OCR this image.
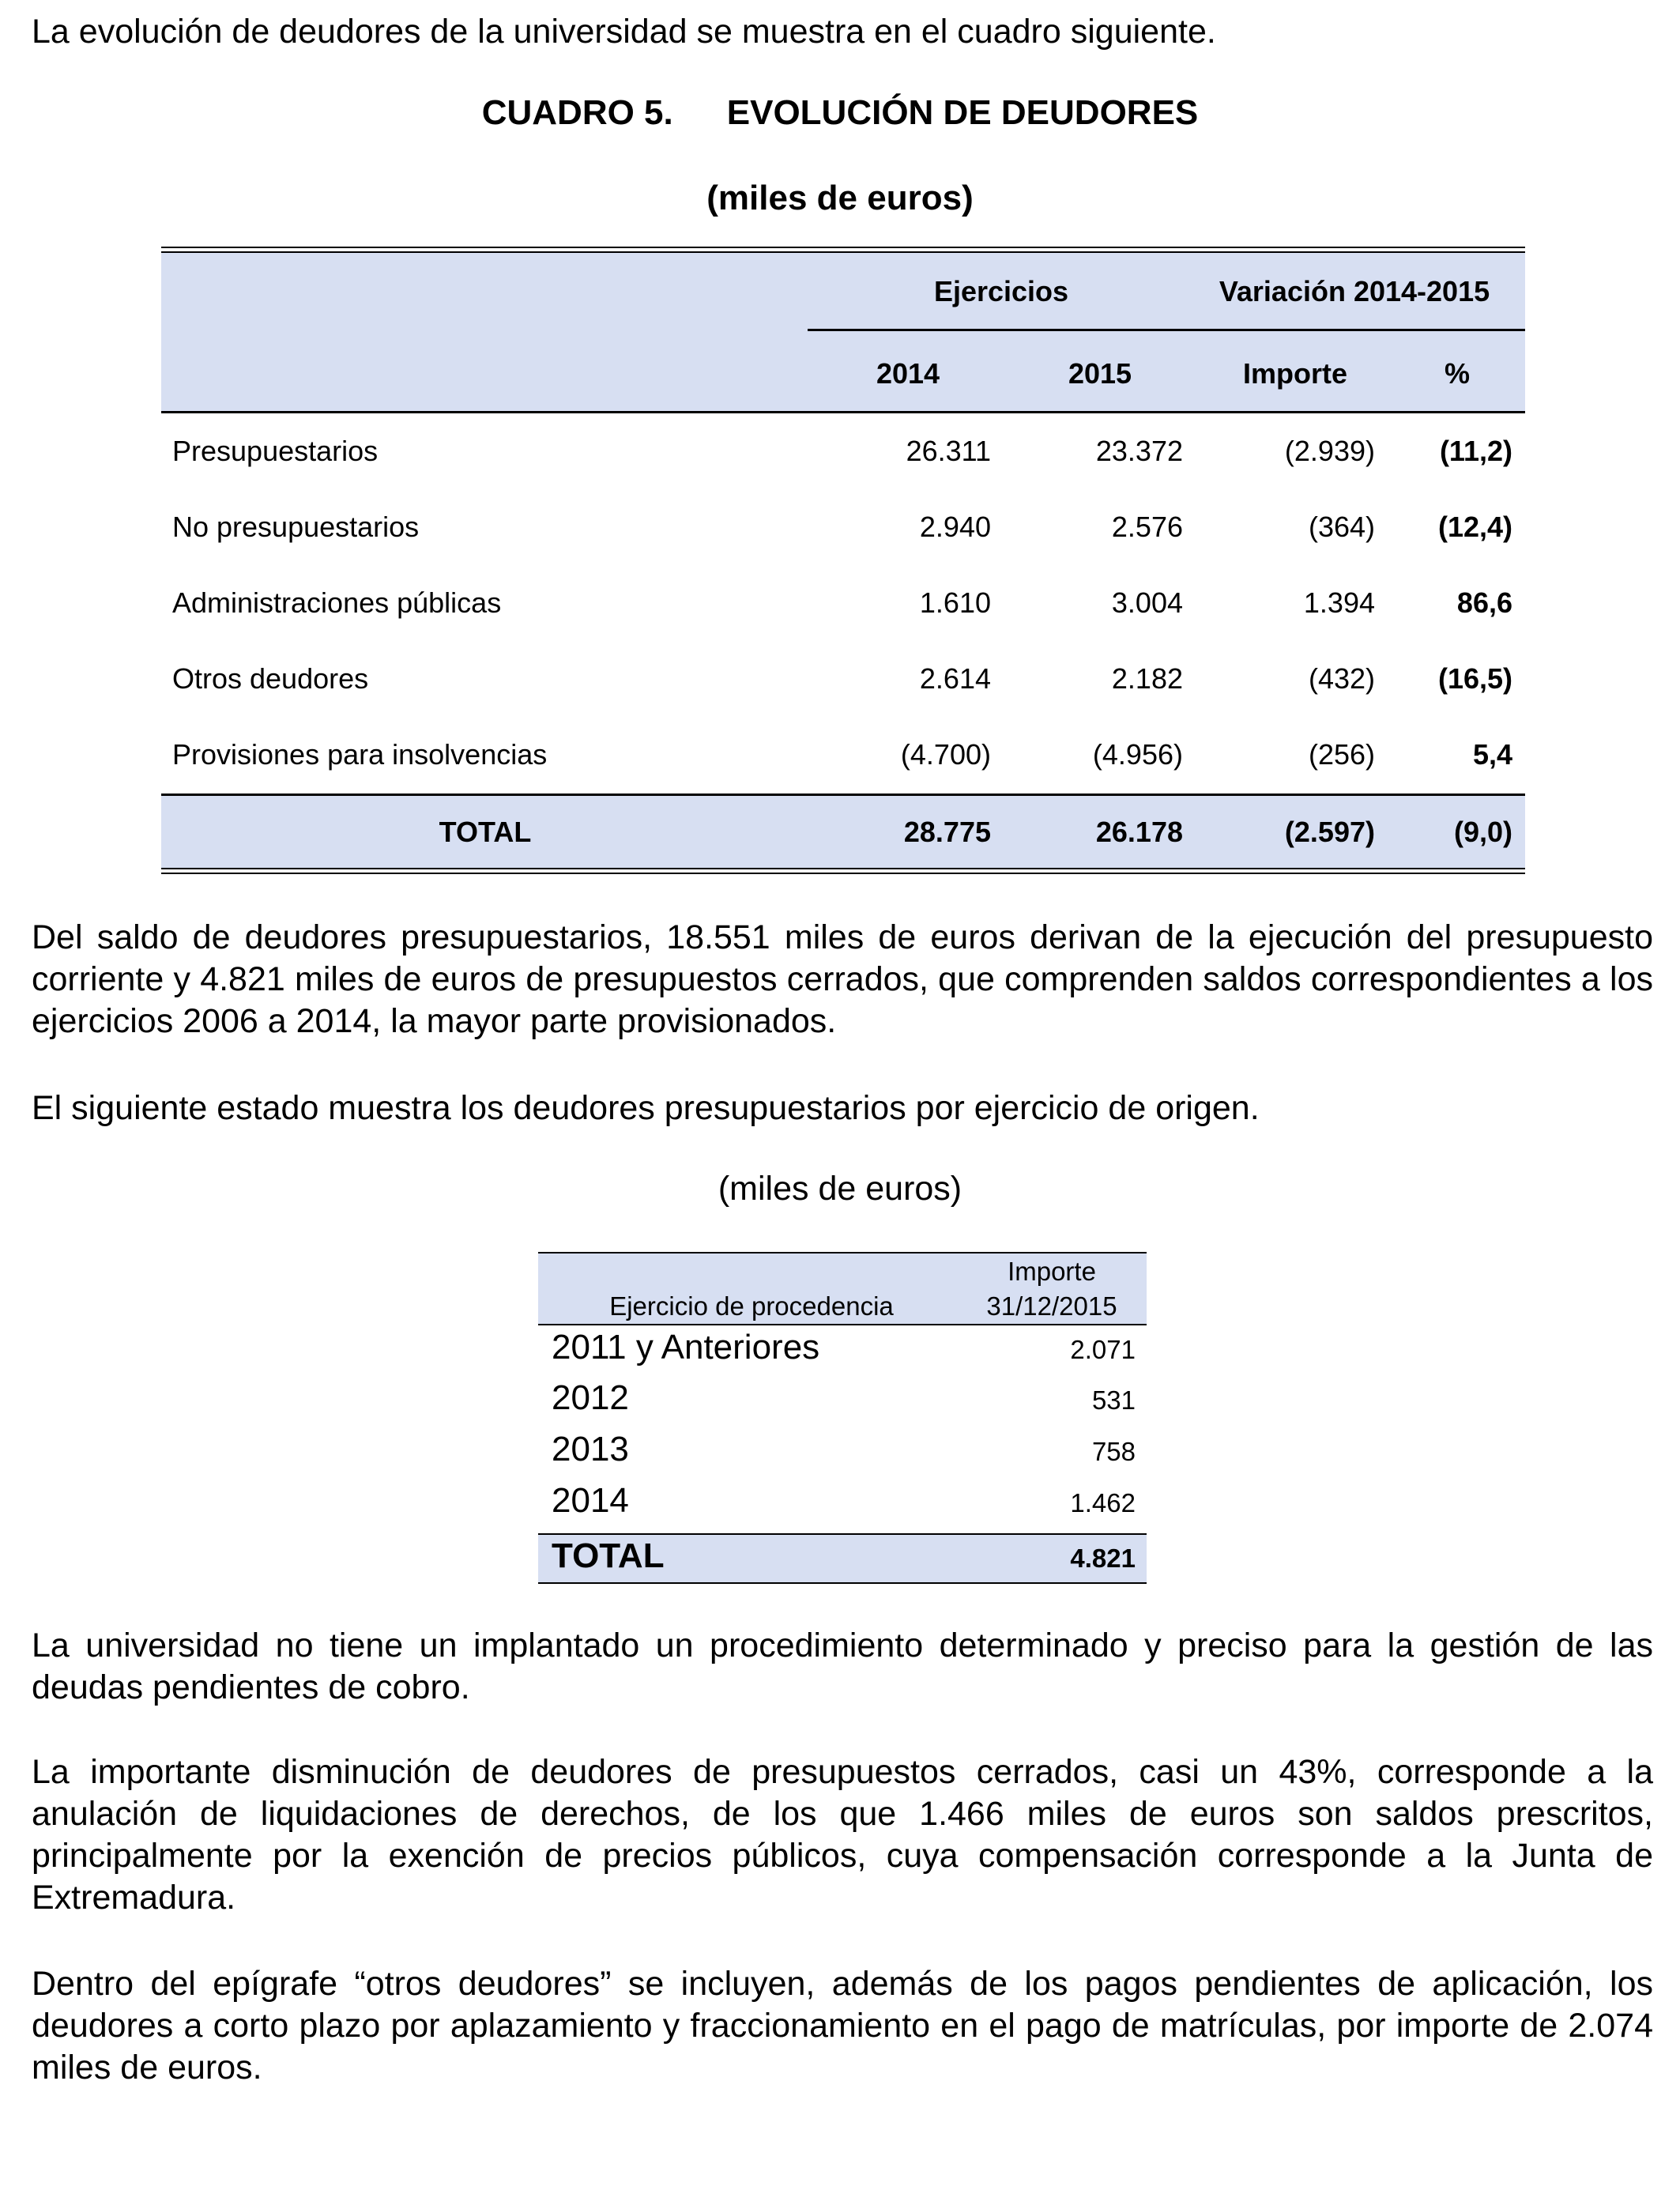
La evolución de deudores de la universidad se muestra en el cuadro siguiente.

CUADRO 5. EVOLUCIÓN DE DEUDORES

(miles de euros)

Ejercicios	Variación 2014-2015
2014	2015	Importe	%
Presupuestarios	26.311	23.372	(2.939)	(11,2)
No presupuestarios	2.940	2.576	(364)	(12,4)
Administraciones públicas	1.610	3.004	1.394	86,6
Otros deudores	2.614	2.182	(432)	(16,5)
Provisiones para insolvencias	(4.700)	(4.956)	(256)	5,4
TOTAL	28.775	26.178	(2.597)	(9,0)

Del saldo de deudores presupuestarios, 18.551 miles de euros derivan de la ejecución del presupuesto corriente y 4.821 miles de euros de presupuestos cerrados, que comprenden saldos correspondientes a los ejercicios 2006 a 2014, la mayor parte provisionados.

El siguiente estado muestra los deudores presupuestarios por ejercicio de origen.

(miles de euros)

Ejercicio de procedencia
Importe
31/12/2015
2011 y Anteriores	2.071
2012	531
2013	758
2014	1.462
TOTAL	4.821

La universidad no tiene un implantado un procedimiento determinado y preciso para la gestión de las deudas pendientes de cobro.

La importante disminución de deudores de presupuestos cerrados, casi un 43%, corresponde a la anulación de liquidaciones de derechos, de los que 1.466 miles de euros son saldos prescritos, principalmente por la exención de precios públicos, cuya compensación corresponde a la Junta de Extremadura.

Dentro del epígrafe “otros deudores” se incluyen, además de los pagos pendientes de aplicación, los deudores a corto plazo por aplazamiento y fraccionamiento en el pago de matrículas, por importe de 2.074 miles de euros.
